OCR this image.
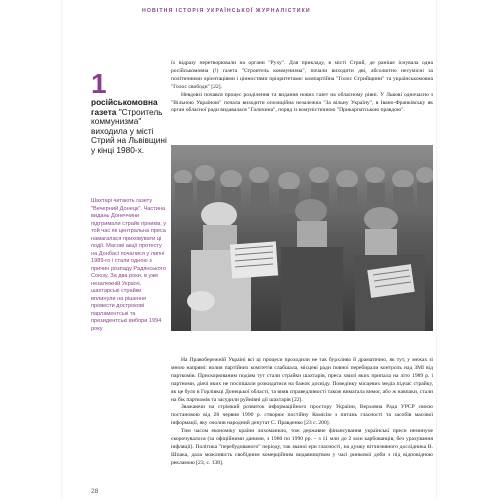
НОВІТНЯ ІСТОРІЯ УКРАЇНСЬКОЇ ЖУРНАЛІСТИКИ
1
російськомовна газета "Строитель коммунизма" виходила у місті Стрий на Львівщині у кінці 1980-х.
Шахтарі читають газету "Вечерний Донецк". Частина видань Донеччини підтримали страйк гірників, у той час як центральна преса намагалася приховувати ці події. Масові акції протесту на Донбасі почалися у липні 1989-го і стали одною з причин розпаду Радянського Союзу. За два роки, в уже незалежній Україні, шахтарські страйки вплинули на рішення провести дострокові парламентські та президентські вибори 1994 року

їх відразу перетворювали на органи "Руху". Для прикладу, в місті Стрий, де раніше існувала одна російськомовна (!) газета "Строитель коммунизма", почали виходити дві, абсолютно несумісні за політичними орієнтаціями і цінностями пріоритетами: компартійна "Голос Стрийщини" та українськомовна "Голос свободи" [22].

Невдовзі почався процес розділення та видання нових газет на обласному рівні. У Львові одночасно з "Вільною Україною" почала виходити опозиційна незалежна "За вільну Україну", в Івано-Франківську як орган обласної ради видавалася "Галичина", поряд із комуністичною "Прикарпатською правдою".

На Правобережній Україні всі ці процеси проходили не так бурхливо й драматично, як тут, у межах зі мною напрямі: волия партійних комітетів слабшала, місцеві ради повноі перебирали контроль над ЗМІ від парткомів. Прискорюваним подіям тут стали страйки шахтарів, преса хвилі яких припала на літо 1989 р. і партноми, діячі яких не поспішали розкидатися на бажок досвіду. Поведінку місцевих медіа підчас страйку, як це було в Горлівкці Донецької області, та вияв справедливості також вимагала вимог, або ж навпаки, стали на бік парткомів та засудили руйнівні дії шахтарів [22].

Зважаючи на стрімкий розвиток інформаційного простору України, Верховна Рада УРСР своєю постановою від 28 червня 1990 р. створює постійну Комісію з питань гласності та засобів масової інформації, яку очолив народний депутат С. Правденко [23 с. 200].

Тим часом економіку країни лихоманило, тож державне фінансування українськї преси неминуче скорочувалося (за офіційними даними, з 1980 по 1990 рр. – з 11 млн до 2 млн карбованців, без урахування інфляції). Політика "перебудованого" періоду, так званої ери гласності, на думку вітчизняного дослідника В. Шпака, дала можливість свобідним комерційним видавництвом у часі ринкової доби з під відповідною рекламою [23, с. 138].

28
